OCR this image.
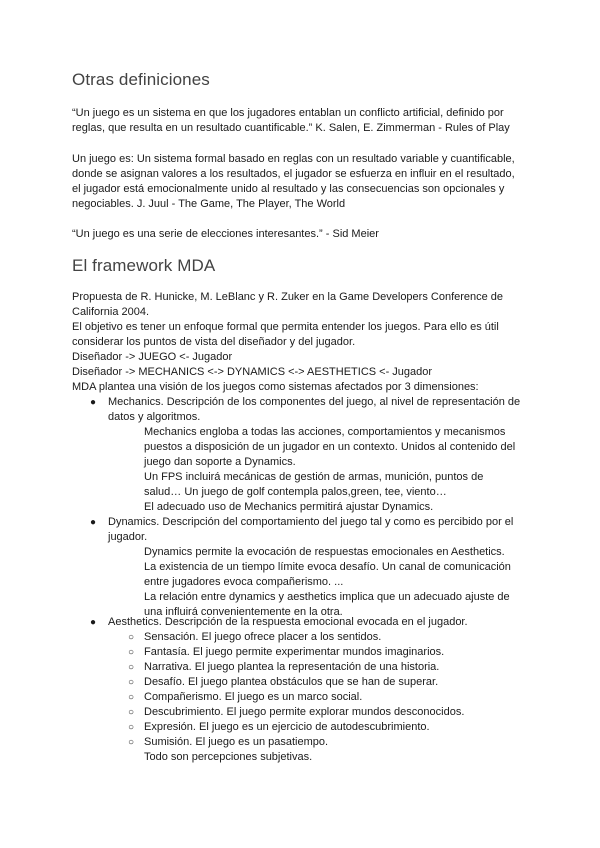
Otras definiciones

“Un juego es un sistema en que los jugadores entablan un conflicto artificial, definido por reglas, que resulta en un resultado cuantificable.” K. Salen, E. Zimmerman - Rules of Play

Un juego es: Un sistema formal basado en reglas con un resultado variable y cuantificable, donde se asignan valores a los resultados, el jugador se esfuerza en influir en el resultado, el jugador está emocionalmente unido al resultado y las consecuencias son opcionales y negociables. J. Juul - The Game, The Player, The World

“Un juego es una serie de elecciones interesantes.” - Sid Meier

El framework MDA

Propuesta de R. Hunicke, M. LeBlanc y R. Zuker en la Game Developers Conference de California 2004.

El objetivo es tener un enfoque formal que permita entender los juegos. Para ello es útil considerar los puntos de vista del diseñador y del jugador.

Diseñador -> JUEGO <- Jugador

Diseñador -> MECHANICS <-> DYNAMICS <-> AESTHETICS <- Jugador

MDA plantea una visión de los juegos como sistemas afectados por 3 dimensiones:

● Mechanics. Descripción de los componentes del juego, al nivel de representación de datos y algoritmos.

Mechanics engloba a todas las acciones, comportamientos y mecanismos puestos a disposición de un jugador en un contexto. Unidos al contenido del juego dan soporte a Dynamics.

Un FPS incluirá mecánicas de gestión de armas, munición, puntos de salud… Un juego de golf contempla palos,green, tee, viento…

El adecuado uso de Mechanics permitirá ajustar Dynamics.

● Dynamics. Descripción del comportamiento del juego tal y como es percibido por el jugador.

Dynamics permite la evocación de respuestas emocionales en Aesthetics.

La existencia de un tiempo límite evoca desafío. Un canal de comunicación entre jugadores evoca compañerismo. ...

La relación entre dynamics y aesthetics implica que un adecuado ajuste de una influirá convenientemente en la otra.

● Aesthetics. Descripción de la respuesta emocional evocada en el jugador.

○ Sensación. El juego ofrece placer a los sentidos.

○ Fantasía. El juego permite experimentar mundos imaginarios.

○ Narrativa. El juego plantea la representación de una historia.

○ Desafío. El juego plantea obstáculos que se han de superar.

○ Compañerismo. El juego es un marco social.

○ Descubrimiento. El juego permite explorar mundos desconocidos.

○ Expresión. El juego es un ejercicio de autodescubrimiento.

○ Sumisión. El juego es un pasatiempo.

Todo son percepciones subjetivas.
